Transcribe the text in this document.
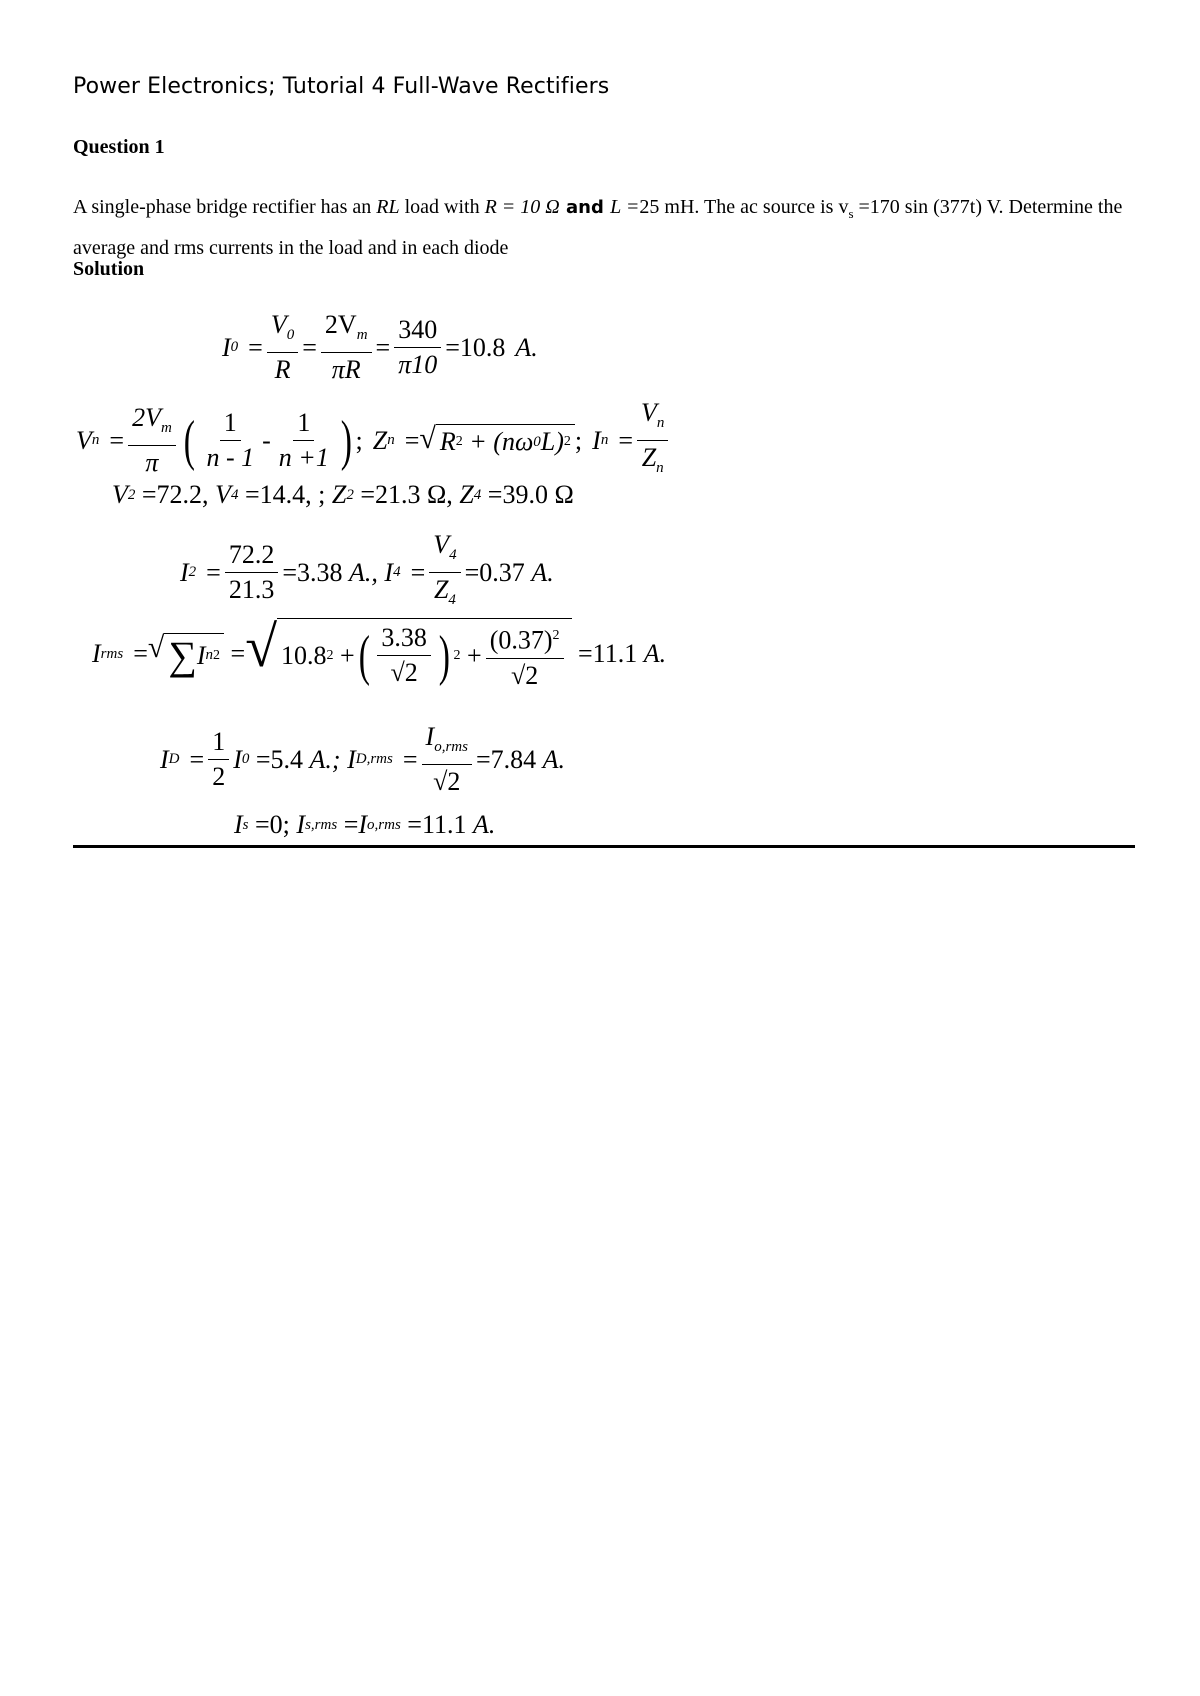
Power Electronics; Tutorial 4 Full-Wave Rectifiers
Question 1
A single-phase bridge rectifier has an RL load with R = 10 Ω and L =25 mH. The ac source is $v_s =170$ sin (377t) V. Determine the average and rms currents in the load and in each diode
Solution
I $0 = \frac{V_0}{R} = \frac{2V_m}{\pi R} = \frac{340}{\pi 10} =10.8$ A.
V $n = \frac{2V_m}{\pi}$ ( $\frac{1}{n - 1} - \frac{1}{n +1}$ ) ; Z n = √ R 2
+ (nω 0 L) 2 ; I $n = \frac{V_n}{Z_n}$
V 2
=72.2,
V 4
=14.4, ;
Z 2
=21.3 Ω,
Z 4
=39.0 Ω
I $2 = \frac{72.2}{21.3} =3.38$
A.,
I $4 = \frac{V_4}{Z_4} =0.37$
A.
I rms = √ ∑ I n 2 = √ 10.8 2 + ( $\frac{3.38}{√2}$ ) $2 + \frac{(0.37)^2}{√2}$
=11.1
A.
I $D = \frac{1}{2}$ I 0
=5.4
A.;
I $D,rms = \frac{I_{o,rms}}{√2} =7.84$
A.
I s
=0;
I s,rms = I o,rms
=11.1
A.
